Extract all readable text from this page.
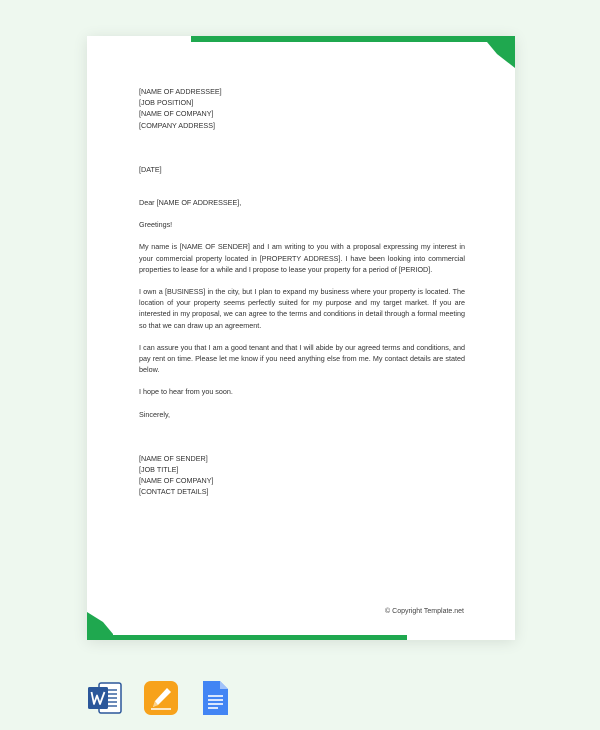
[NAME OF ADDRESSEE]
[JOB POSITION]
[NAME OF COMPANY]
[COMPANY ADDRESS]
[DATE]
Dear [NAME OF ADDRESSEE],
Greetings!

My name is [NAME OF SENDER] and I am writing to you with a proposal expressing my interest in your commercial property located in [PROPERTY ADDRESS]. I have been looking into commercial properties to lease for a while and I propose to lease your property for a period of [PERIOD].

I own a [BUSINESS] in the city, but I plan to expand my business where your property is located. The location of your property seems perfectly suited for my purpose and my target market. If you are interested in my proposal, we can agree to the terms and conditions in detail through a formal meeting so that we can draw up an agreement.

I can assure you that I am a good tenant and that I will abide by our agreed terms and conditions, and pay rent on time. Please let me know if you need anything else from me. My contact details are stated below.

I hope to hear from you soon.
Sincerely,
[NAME OF SENDER]
[JOB TITLE]
[NAME OF COMPANY]
[CONTACT DETAILS]
© Copyright Template.net
